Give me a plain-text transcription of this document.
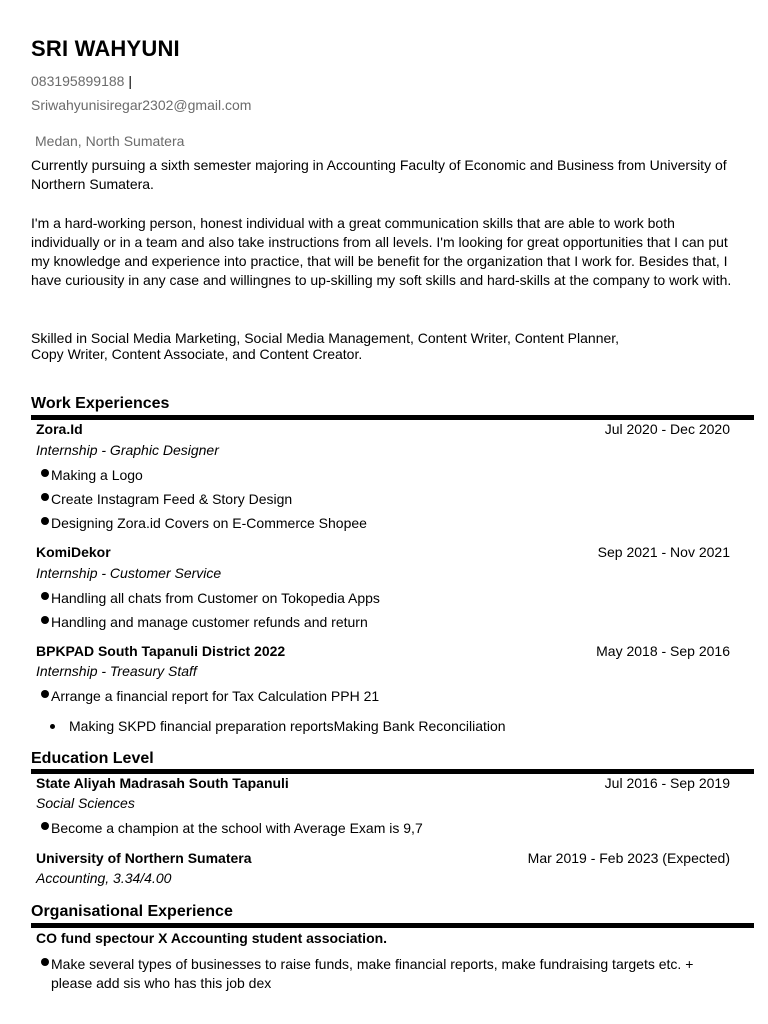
SRI WAHYUNI
083195899188 |
Sriwahyunisiregar2302@gmail.com
Medan, North Sumatera
Currently pursuing a sixth semester majoring in Accounting Faculty of Economic and Business from University of Northern Sumatera.
I'm a hard-working person, honest individual with a great communication skills that are able to work both individually or in a team and also take instructions from all levels. I'm looking for great opportunities that I can put my knowledge and experience into practice, that will be benefit for the organization that I work for. Besides that, I have curiousity in any case and willingnes to up-skilling my soft skills and hard-skills at the company to work with.
Skilled in Social Media Marketing, Social Media Management, Content Writer, Content Planner,
Copy Writer, Content Associate, and Content Creator.
Work Experiences
Zora.Id	Jul 2020 - Dec 2020
Internship - Graphic Designer
Making a Logo
Create Instagram Feed & Story Design
Designing Zora.id Covers on E-Commerce Shopee
KomiDekor	Sep 2021 - Nov 2021
Internship - Customer Service
Handling all chats from Customer on Tokopedia Apps
Handling and manage customer refunds and return
BPKPAD South Tapanuli District 2022	May 2018 - Sep 2016
Internship - Treasury Staff
Arrange a financial report for Tax Calculation PPH 21
Making SKPD financial preparation reportsMaking Bank Reconciliation
Education Level
State Aliyah Madrasah South Tapanuli	Jul 2016 - Sep 2019
Social Sciences
Become a champion at the school with Average Exam is 9,7
University of Northern Sumatera	Mar 2019 - Feb 2023 (Expected)
Accounting, 3.34/4.00
Organisational Experience
CO fund spectour X Accounting student association.
Make several types of businesses to raise funds, make financial reports, make fundraising targets etc. + please add sis who has this job dex
